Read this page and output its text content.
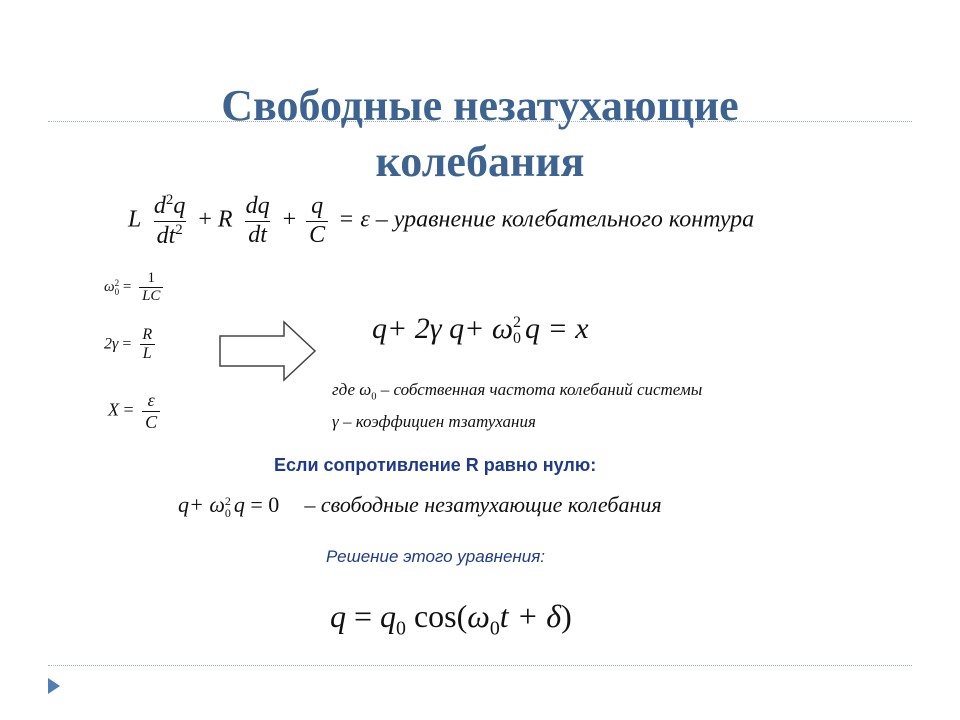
Свободные незатухающие
колебания
L $\frac{d^2q}{dt^2} + R \frac{dq}{dt} + \frac{q}{C} = \varepsilon$ – уравнение колебательного контура
ω 2
$0 = \frac{1}{LC}$
$2\gamma = \frac{R}{L}$
$X = \frac{\varepsilon}{C}$
q+ 2γ q+ ω 2
0 q = x
где $\omega_0$ – собственная частота колебаний системы
γ – коэффициен тзатухания
Если сопротивление R равно нулю:
q+ ω 2
0 q = 0 – свободные незатухающие колебания
Решение этого уравнения:
$q = q_0$ $\cos(\omega_0t + \delta)$
